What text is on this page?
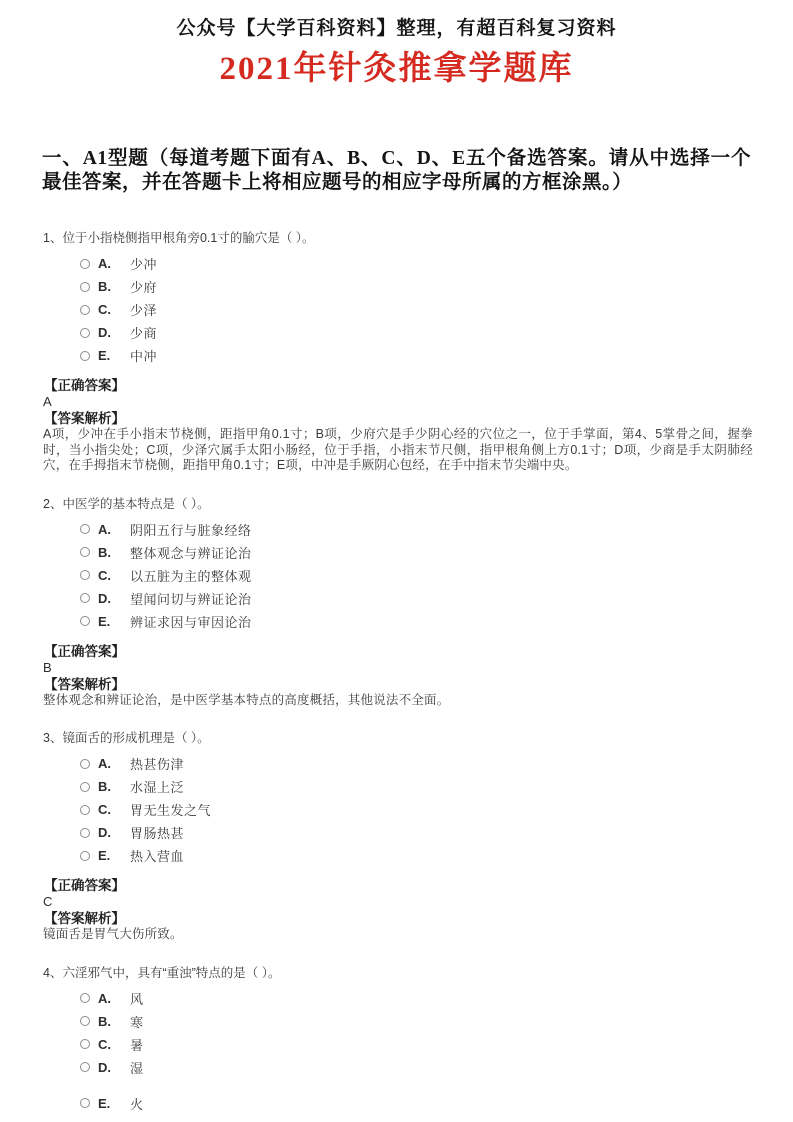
公众号【大学百科资料】整理，有超百科复习资料
2021年针灸推拿学题库
一、A1型题（每道考题下面有A、B、C、D、E五个备选答案。请从中选择一个最佳答案，并在答题卡上将相应题号的相应字母所属的方框涂黑。）

1、位于小指桡侧指甲根角旁0.1寸的腧穴是（ ）。

A.	少冲
B.	少府
C.	少泽
D.	少商
E.	中冲

【正确答案】

A

【答案解析】

A项，少冲在手小指末节桡侧，距指甲角0.1寸；B项，少府穴是手少阴心经的穴位之一，位于手掌面，第4、5掌骨之间，握拳时，当小指尖处；C项，少泽穴属手太阳小肠经，位于手指，小指末节尺侧，指甲根角侧上方0.1寸；D项，少商是手太阴肺经穴，在手拇指末节桡侧，距指甲角0.1寸；E项，中冲是手厥阴心包经，在手中指末节尖端中央。

2、中医学的基本特点是（ ）。

A.	阴阳五行与脏象经络
B.	整体观念与辨证论治
C.	以五脏为主的整体观
D.	望闻问切与辨证论治
E.	辨证求因与审因论治

【正确答案】

B

【答案解析】

整体观念和辨证论治，是中医学基本特点的高度概括，其他说法不全面。

3、镜面舌的形成机理是（ ）。

A.	热甚伤津
B.	水湿上泛
C.	胃无生发之气
D.	胃肠热甚
E.	热入营血

【正确答案】

C

【答案解析】

镜面舌是胃气大伤所致。

4、六淫邪气中，具有“重浊”特点的是（ ）。

A.	风
B.	寒
C.	暑
D.	湿
E.	火
